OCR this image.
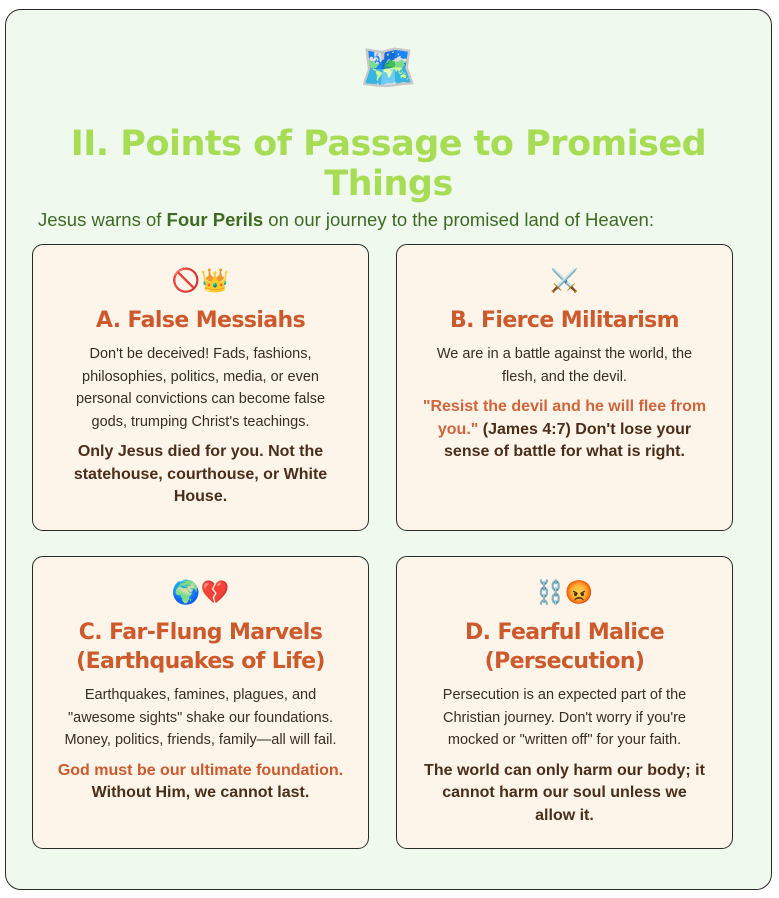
🗺️
II. Points of Passage to Promised Things

Jesus warns of Four Perils on our journey to the promised land of Heaven:

🚫👑
A. False Messiahs

Don't be deceived! Fads, fashions, philosophies, politics, media, or even personal convictions can become false gods, trumping Christ's teachings.

Only Jesus died for you. Not the statehouse, courthouse, or White House.

⚔️
B. Fierce Militarism

We are in a battle against the world, the flesh, and the devil.

"Resist the devil and he will flee from you." (James 4:7) Don't lose your sense of battle for what is right.

🌍💔
C. Far-Flung Marvels (Earthquakes of Life)

Earthquakes, famines, plagues, and "awesome sights" shake our foundations. Money, politics, friends, family—all will fail.

God must be our ultimate foundation. Without Him, we cannot last.

⛓️😡
D. Fearful Malice (Persecution)

Persecution is an expected part of the Christian journey. Don't worry if you're mocked or "written off" for your faith.

The world can only harm our body; it cannot harm our soul unless we allow it.
